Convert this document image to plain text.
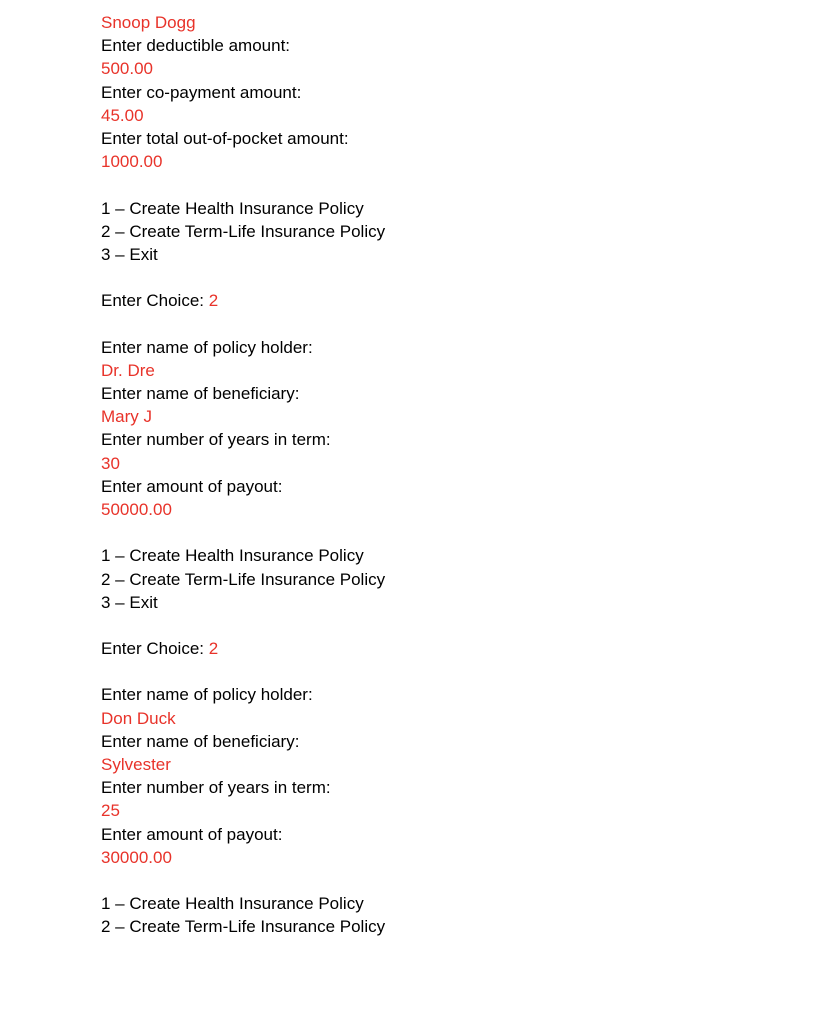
Snoop Dogg
Enter deductible amount:
500.00
Enter co-payment amount:
45.00
Enter total out-of-pocket amount:
1000.00
1 – Create Health Insurance Policy
2 – Create Term-Life Insurance Policy
3 – Exit
Enter Choice: 2
Enter name of policy holder:
Dr. Dre
Enter name of beneficiary:
Mary J
Enter number of years in term:
30
Enter amount of payout:
50000.00
1 – Create Health Insurance Policy
2 – Create Term-Life Insurance Policy
3 – Exit
Enter Choice: 2
Enter name of policy holder:
Don Duck
Enter name of beneficiary:
Sylvester
Enter number of years in term:
25
Enter amount of payout:
30000.00
1 – Create Health Insurance Policy
2 – Create Term-Life Insurance Policy
